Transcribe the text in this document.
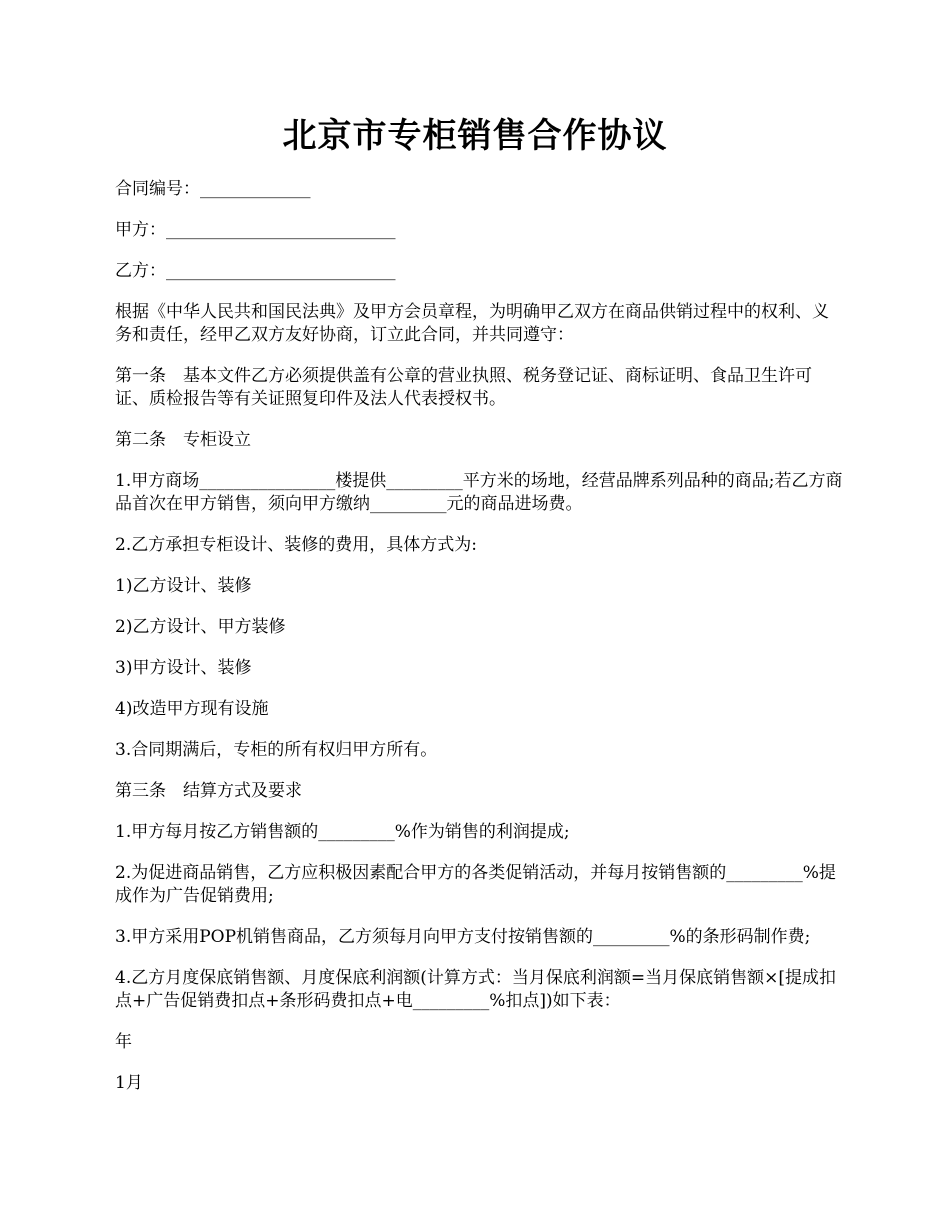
北京市专柜销售合作协议

合同编号：_____________

甲方：___________________________

乙方：___________________________

根据《中华人民共和国民法典》及甲方会员章程，为明确甲乙双方在商品供销过程中的权利、义务和责任，经甲乙双方友好协商，订立此合同，并共同遵守：

第一条　基本文件乙方必须提供盖有公章的营业执照、税务登记证、商标证明、食品卫生许可证、质检报告等有关证照复印件及法人代表授权书。

第二条　专柜设立

1.甲方商场________________楼提供_________平方米的场地，经营品牌系列品种的商品;若乙方商品首次在甲方销售，须向甲方缴纳_________元的商品进场费。

2.乙方承担专柜设计、装修的费用，具体方式为:

1)乙方设计、装修

2)乙方设计、甲方装修

3)甲方设计、装修

4)改造甲方现有设施

3.合同期满后，专柜的所有权归甲方所有。

第三条　结算方式及要求

1.甲方每月按乙方销售额的_________%作为销售的利润提成;

2.为促进商品销售，乙方应积极因素配合甲方的各类促销活动，并每月按销售额的_________%提成作为广告促销费用;

3.甲方采用POP机销售商品，乙方须每月向甲方支付按销售额的_________%的条形码制作费;

4.乙方月度保底销售额、月度保底利润额(计算方式：当月保底利润额=当月保底销售额×[提成扣点+广告促销费扣点+条形码费扣点+电_________%扣点])如下表：

年

1月
